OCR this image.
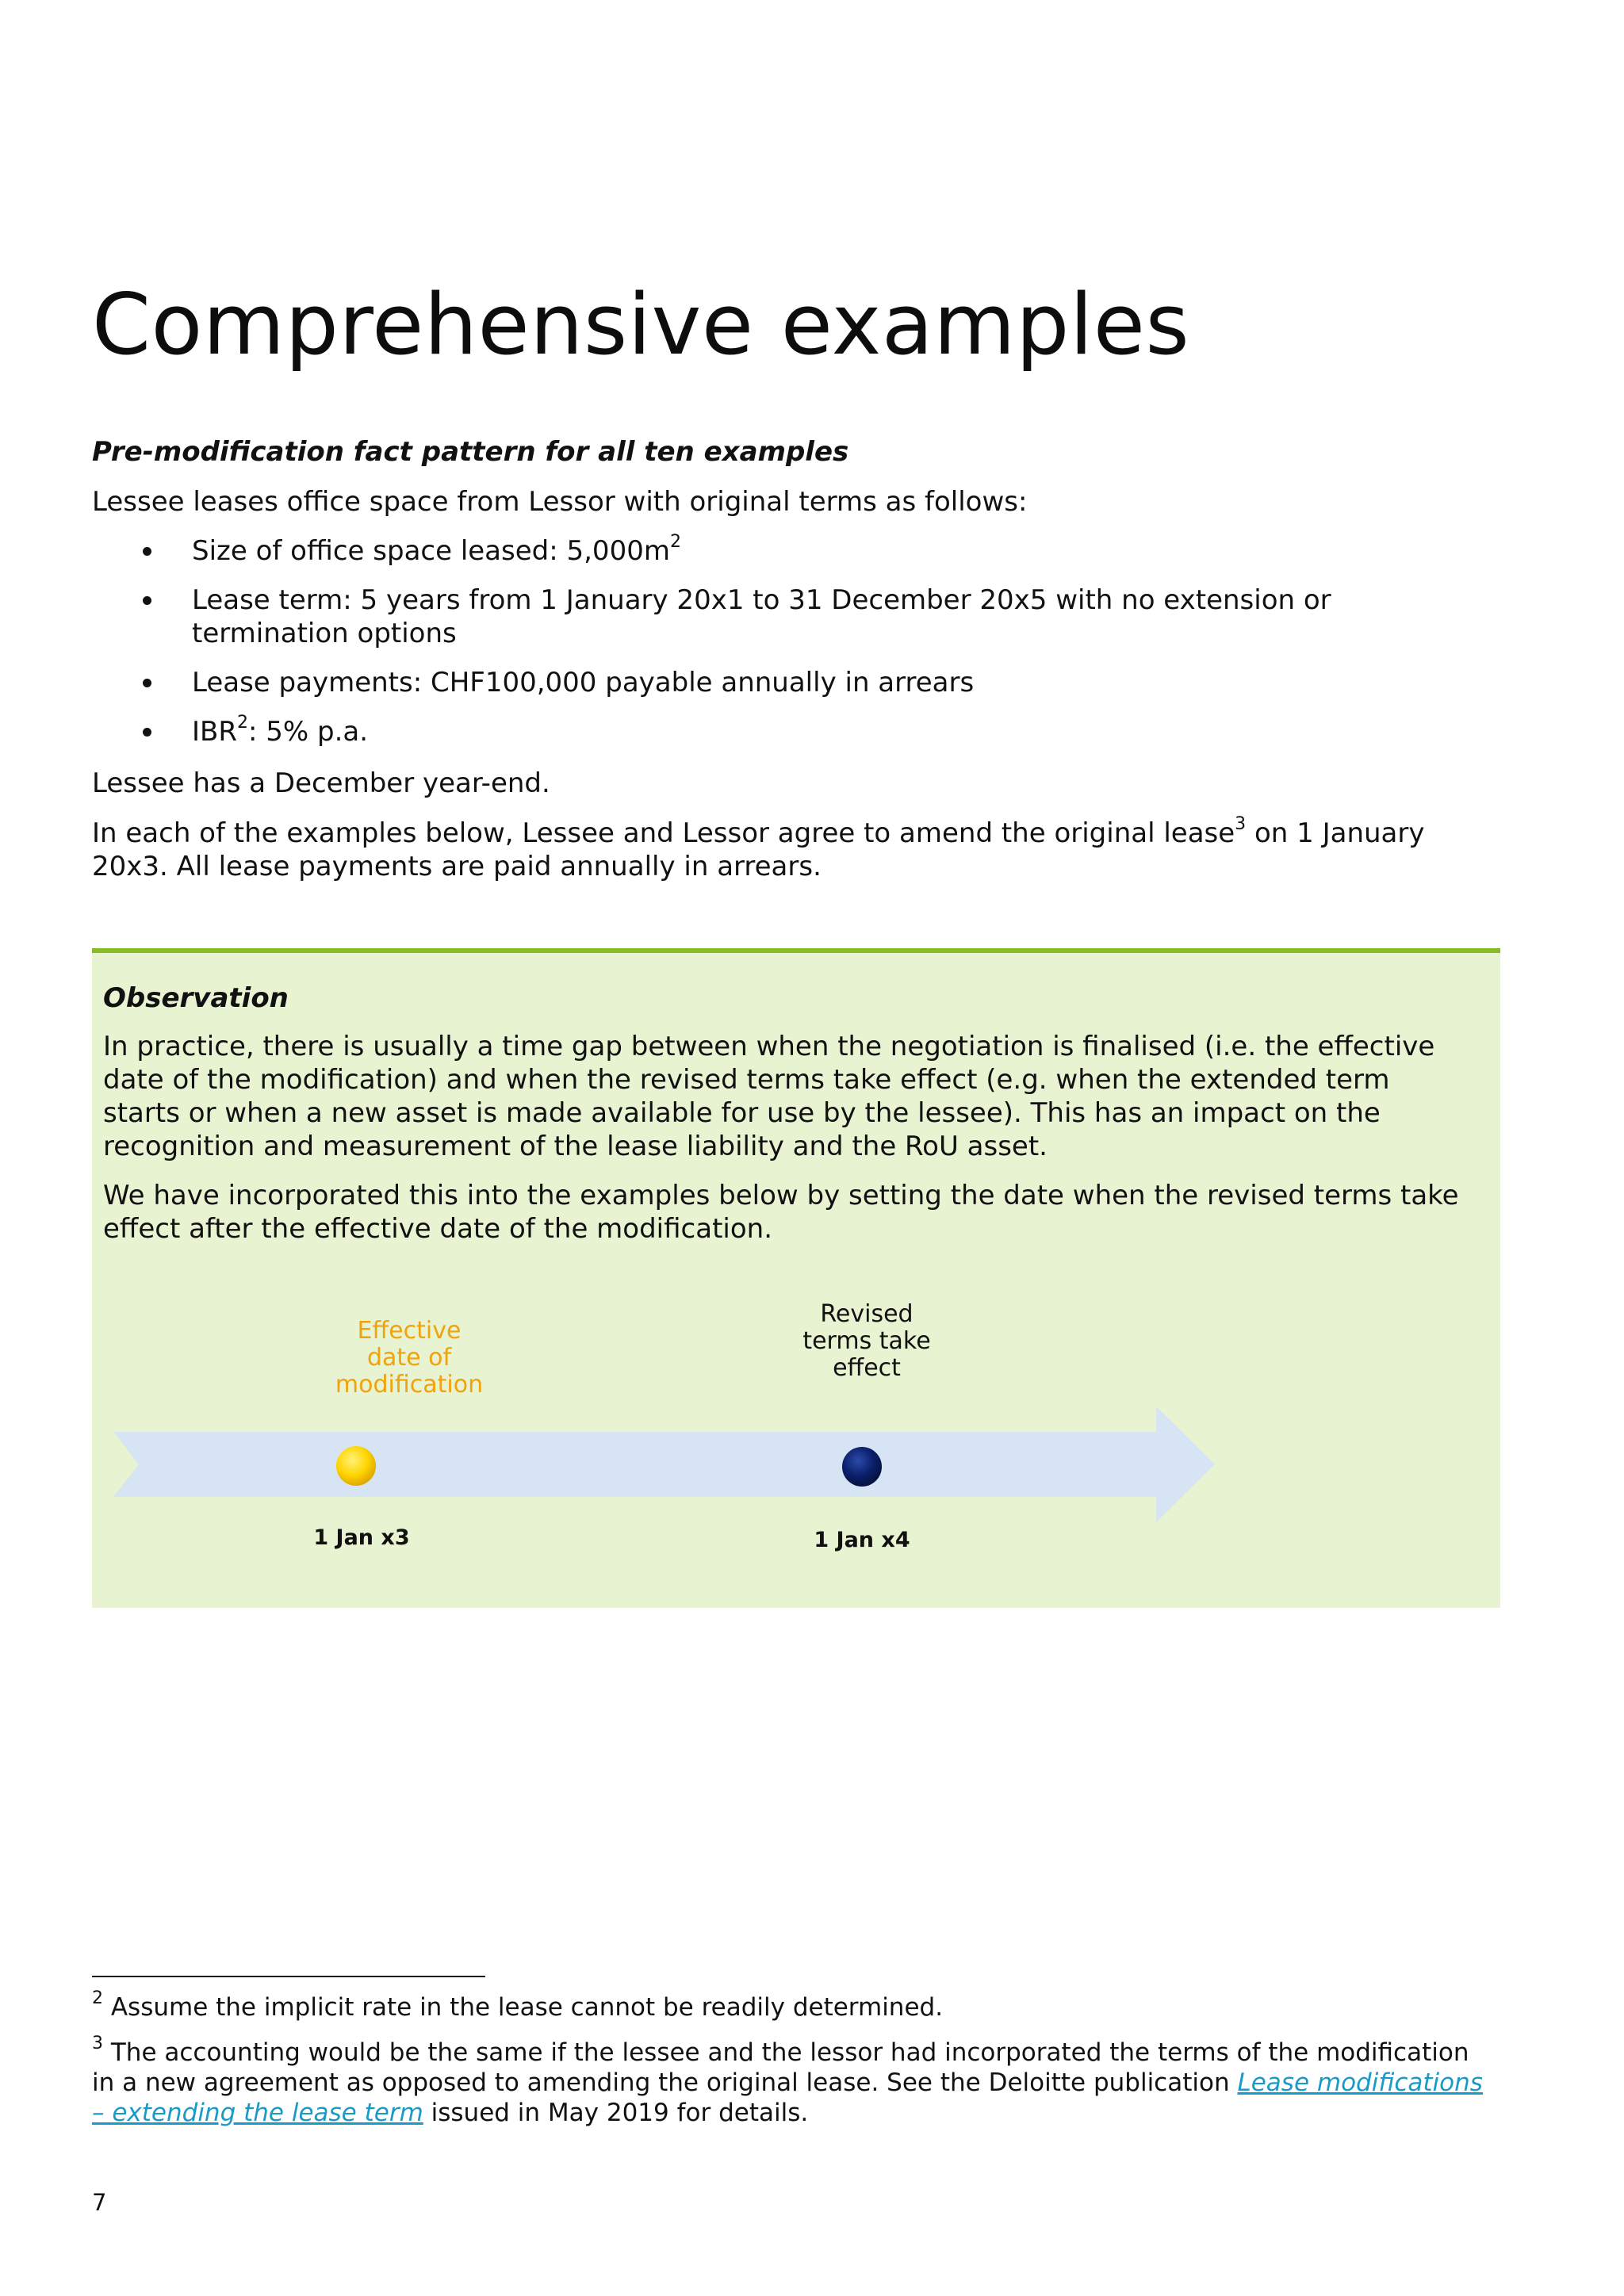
Comprehensive examples

Pre-modification fact pattern for all ten examples

Lessee leases office space from Lessor with original terms as follows:

Size of office space leased: $5,000m^2$
Lease term: 5 years from 1 January 20x1 to 31 December 20x5 with no extension or
termination options
Lease payments: CHF100,000 payable annually in arrears
IBR$^2$: 5% p.a.

Lessee has a December year-end.

In each of the examples below, Lessee and Lessor agree to amend the original lease$^3$ on 1 January
20x3. All lease payments are paid annually in arrears.

Observation

In practice, there is usually a time gap between when the negotiation is finalised (i.e. the effective
date of the modification) and when the revised terms take effect (e.g. when the extended term
starts or when a new asset is made available for use by the lessee). This has an impact on the
recognition and measurement of the lease liability and the RoU asset.

We have incorporated this into the examples below by setting the date when the revised terms take
effect after the effective date of the modification.

Effective
date of
modification
Revised
terms take
effect
1 Jan x3	1 Jan x4

$^2$ Assume the implicit rate in the lease cannot be readily determined.

$^3$ The accounting would be the same if the lessee and the lessor had incorporated the terms of the modification
in a new agreement as opposed to amending the original lease. See the Deloitte publication Lease modifications
– extending the lease term issued in May 2019 for details.

7
